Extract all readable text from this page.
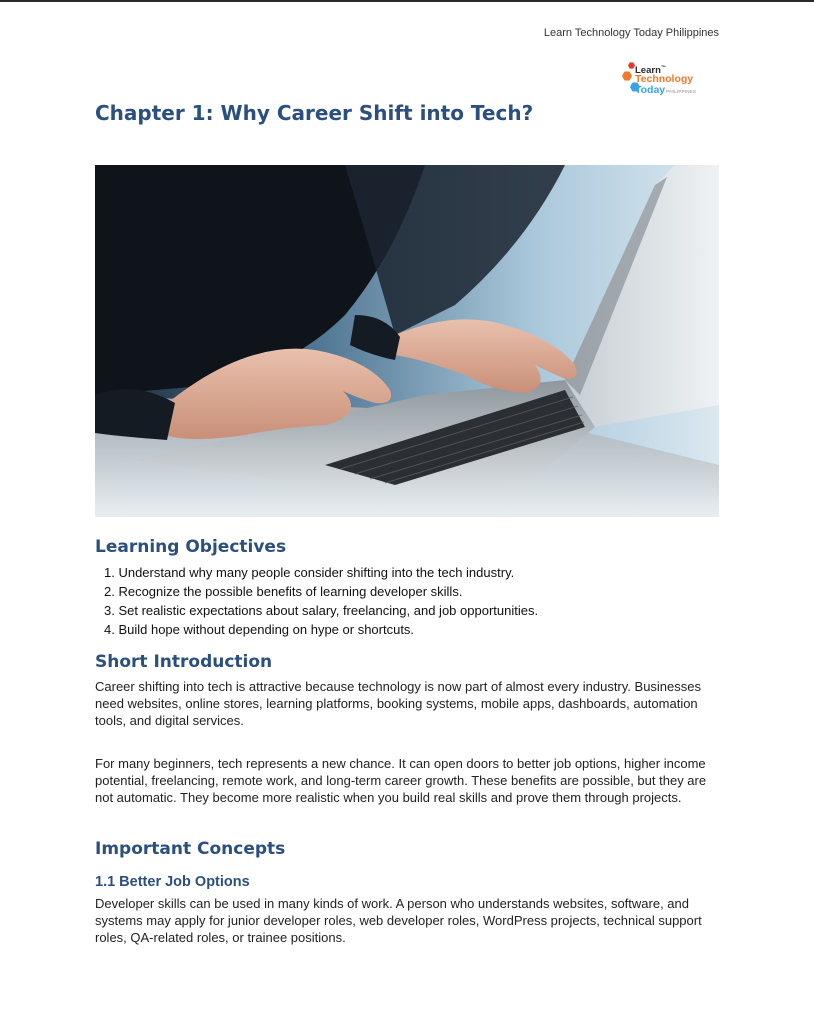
Learn Technology Today Philippines
Learn™
Technology
TodayPHILIPPINES
Chapter 1: Why Career Shift into Tech?
Learning Objectives
1. Understand why many people consider shifting into the tech industry.
2. Recognize the possible benefits of learning developer skills.
3. Set realistic expectations about salary, freelancing, and job opportunities.
4. Build hope without depending on hype or shortcuts.
Short Introduction

Career shifting into tech is attractive because technology is now part of almost every industry. Businesses need websites, online stores, learning platforms, booking systems, mobile apps, dashboards, automation tools, and digital services.

For many beginners, tech represents a new chance. It can open doors to better job options, higher income potential, freelancing, remote work, and long-term career growth. These benefits are possible, but they are not automatic. They become more realistic when you build real skills and prove them through projects.

Important Concepts
1.1 Better Job Options

Developer skills can be used in many kinds of work. A person who understands websites, software, and systems may apply for junior developer roles, web developer roles, WordPress projects, technical support roles, QA-related roles, or trainee positions.
